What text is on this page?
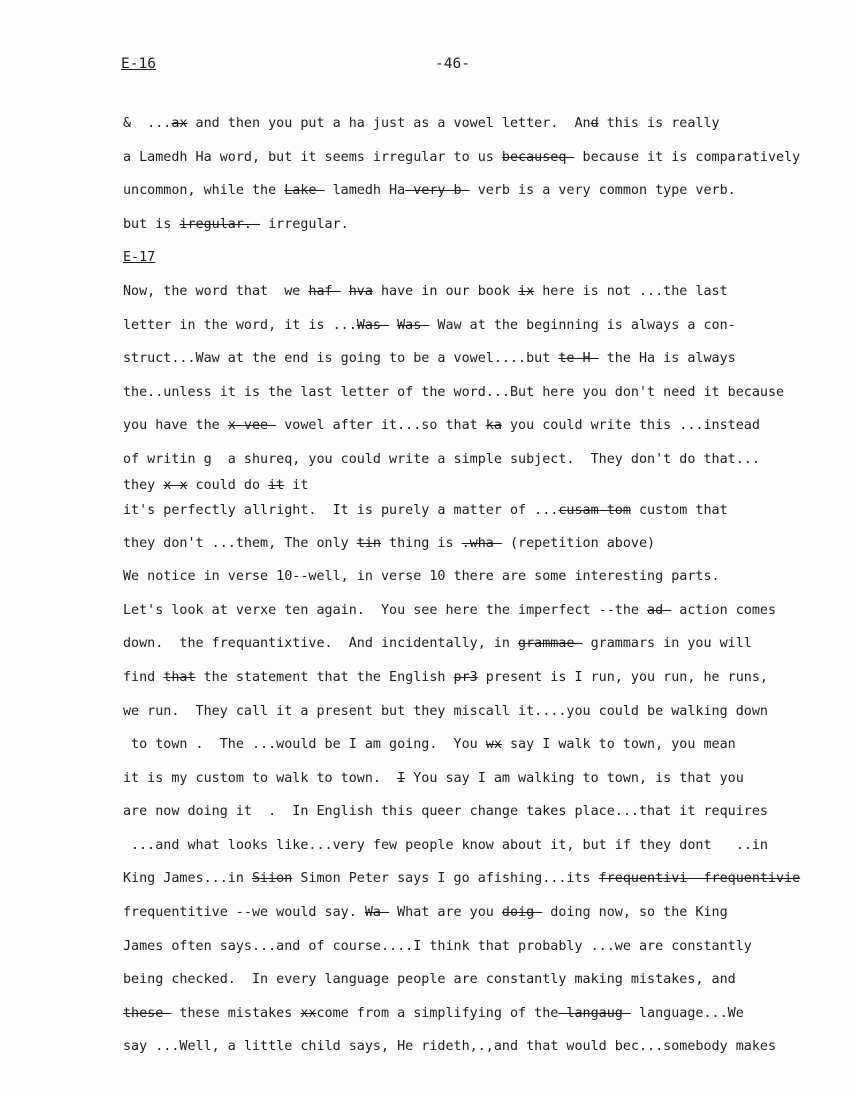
E-16	-46-
&  ...ax and then you put a ha just as a vowel letter.  And this is really
a Lamedh Ha word, but it seems irregular to us becauseq- because it is comparatively
uncommon, while the Lake- lamedh Ha-very-b- verb is a very common type verb.
but is iregular.- irregular.
E-17
Now, the word that  we haf- hva have in our book ix here is not ...the last
letter in the word, it is ...Was- Was- Waw at the beginning is always a con-
struct...Waw at the end is going to be a vowel....but te-H- the Ha is always
the..unless it is the last letter of the word...But here you don't need it because
you have the x vee- vowel after it...so that ka you could write this ...instead
of writin g  a shureq, you could write a simple subject.  They don't do that...
they x x could do it it
it's perfectly allright.  It is purely a matter of ...cusam-tom custom that
they don't ...them, The only tin thing is .wha- (repetition above)
We notice in verse 10--well, in verse 10 there are some interesting parts.
Let's look at verxe ten again.  You see here the imperfect --the ad- action comes
down.  the frequantixtive.  And incidentally, in grammae- grammars in you will
find that the statement that the English pr3 present is I run, you run, he runs,
we run.  They call it a present but they miscall it....you could be walking down
to town .  The ...would be I am going.  You wx say I walk to town, you mean
it is my custom to walk to town.  I You say I am walking to town, is that you
are now doing it  .  In English this queer change takes place...that it requires
...and what looks like...very few people know about it, but if they dont   ..in
King James...in Siion Simon Peter says I go afishing...its frequentivi--frequentivie
frequentitive --we would say. Wa- What are you doig- doing now, so the King
James often says...and of course....I think that probably ...we are constantly
being checked.  In every language people are constantly making mistakes, and
these- these mistakes xxcome from a simplifying of the-langaug- language...We
say ...Well, a little child says, He rideth,.,and that would bec...somebody makes
